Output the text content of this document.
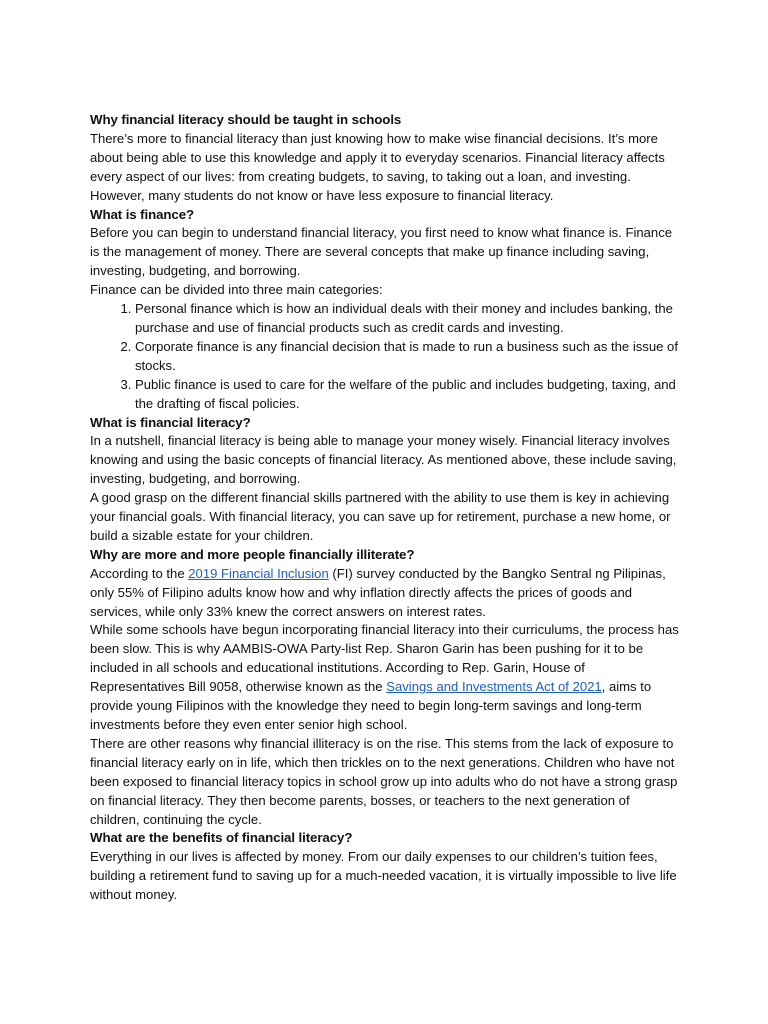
Why financial literacy should be taught in schools

There’s more to financial literacy than just knowing how to make wise financial decisions. It’s more about being able to use this knowledge and apply it to everyday scenarios. Financial literacy affects every aspect of our lives: from creating budgets, to saving, to taking out a loan, and investing. However, many students do not know or have less exposure to financial literacy.

What is finance?

Before you can begin to understand financial literacy, you first need to know what finance is. Finance is the management of money. There are several concepts that make up finance including saving, investing, budgeting, and borrowing.

Finance can be divided into three main categories:

1. Personal finance which is how an individual deals with their money and includes banking, the purchase and use of financial products such as credit cards and investing.
2. Corporate finance is any financial decision that is made to run a business such as the issue of stocks.
3. Public finance is used to care for the welfare of the public and includes budgeting, taxing, and the drafting of fiscal policies.
What is financial literacy?

In a nutshell, financial literacy is being able to manage your money wisely. Financial literacy involves knowing and using the basic concepts of financial literacy. As mentioned above, these include saving, investing, budgeting, and borrowing.

A good grasp on the different financial skills partnered with the ability to use them is key in achieving your financial goals. With financial literacy, you can save up for retirement, purchase a new home, or build a sizable estate for your children.

Why are more and more people financially illiterate?

According to the 2019 Financial Inclusion (FI) survey conducted by the Bangko Sentral ng Pilipinas, only 55% of Filipino adults know how and why inflation directly affects the prices of goods and services, while only 33% knew the correct answers on interest rates.

While some schools have begun incorporating financial literacy into their curriculums, the process has been slow. This is why AAMBIS-OWA Party-list Rep. Sharon Garin has been pushing for it to be included in all schools and educational institutions. According to Rep. Garin, House of Representatives Bill 9058, otherwise known as the Savings and Investments Act of 2021, aims to provide young Filipinos with the knowledge they need to begin long-term savings and long-term investments before they even enter senior high school.

There are other reasons why financial illiteracy is on the rise. This stems from the lack of exposure to financial literacy early on in life, which then trickles on to the next generations. Children who have not been exposed to financial literacy topics in school grow up into adults who do not have a strong grasp on financial literacy. They then become parents, bosses, or teachers to the next generation of children, continuing the cycle.

What are the benefits of financial literacy?

Everything in our lives is affected by money. From our daily expenses to our children’s tuition fees, building a retirement fund to saving up for a much-needed vacation, it is virtually impossible to live life without money.
